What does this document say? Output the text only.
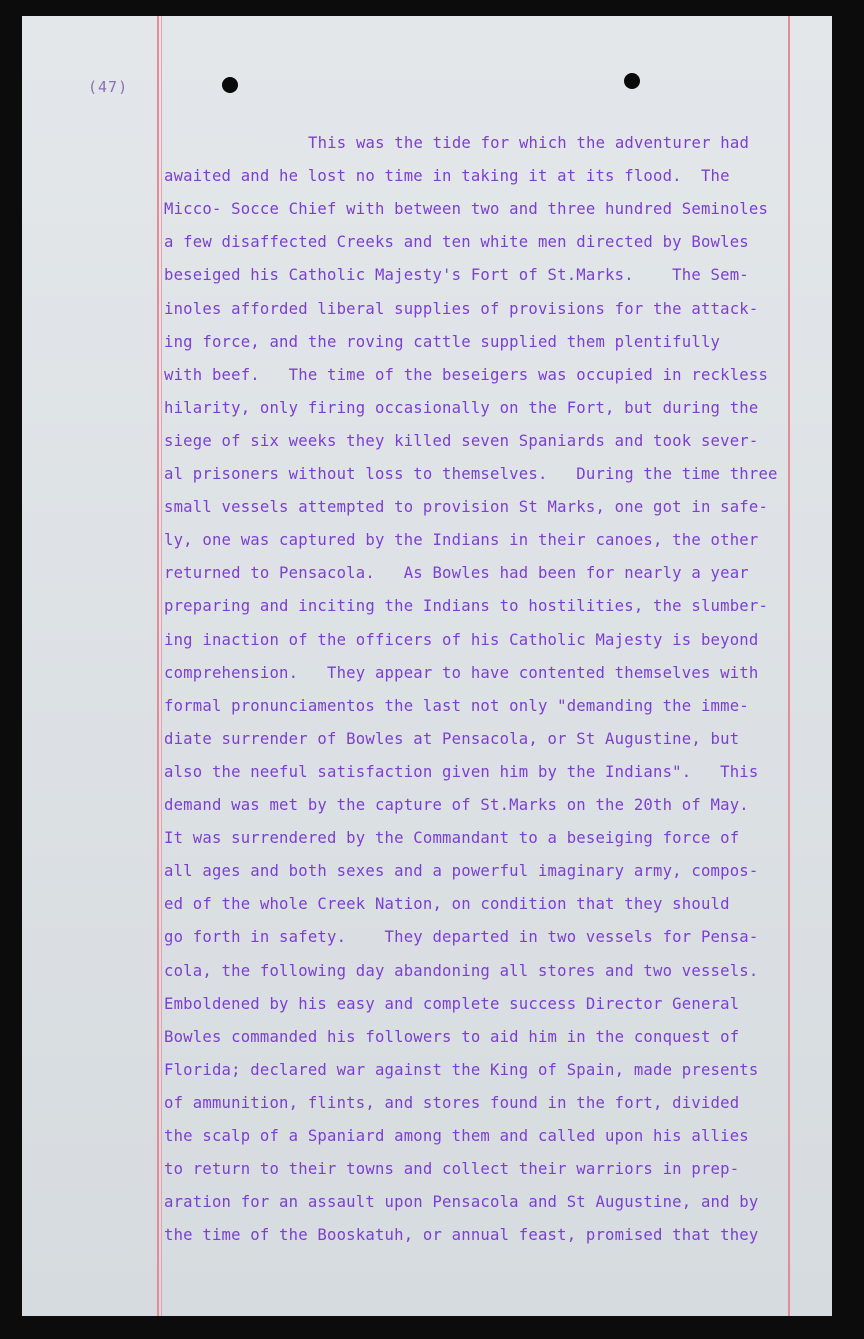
(47)
This was the tide for which the adventurer had
awaited and he lost no time in taking it at its flood.  The
Micco- Socce Chief with between two and three hundred Seminoles
a few disaffected Creeks and ten white men directed by Bowles
beseiged his Catholic Majesty's Fort of St.Marks.    The Sem-
inoles afforded liberal supplies of provisions for the attack-
ing force, and the roving cattle supplied them plentifully
with beef.   The time of the beseigers was occupied in reckless
hilarity, only firing occasionally on the Fort, but during the
siege of six weeks they killed seven Spaniards and took sever-
al prisoners without loss to themselves.   During the time three
small vessels attempted to provision St Marks, one got in safe-
ly, one was captured by the Indians in their canoes, the other
returned to Pensacola.   As Bowles had been for nearly a year
preparing and inciting the Indians to hostilities, the slumber-
ing inaction of the officers of his Catholic Majesty is beyond
comprehension.   They appear to have contented themselves with
formal pronunciamentos the last not only "demanding the imme-
diate surrender of Bowles at Pensacola, or St Augustine, but
also the neeful satisfaction given him by the Indians".   This
demand was met by the capture of St.Marks on the 20th of May.
It was surrendered by the Commandant to a beseiging force of
all ages and both sexes and a powerful imaginary army, compos-
ed of the whole Creek Nation, on condition that they should
go forth in safety.    They departed in two vessels for Pensa-
cola, the following day abandoning all stores and two vessels.
Emboldened by his easy and complete success Director General
Bowles commanded his followers to aid him in the conquest of
Florida; declared war against the King of Spain, made presents
of ammunition, flints, and stores found in the fort, divided
the scalp of a Spaniard among them and called upon his allies
to return to their towns and collect their warriors in prep-
aration for an assault upon Pensacola and St Augustine, and by
the time of the Booskatuh, or annual feast, promised that they
